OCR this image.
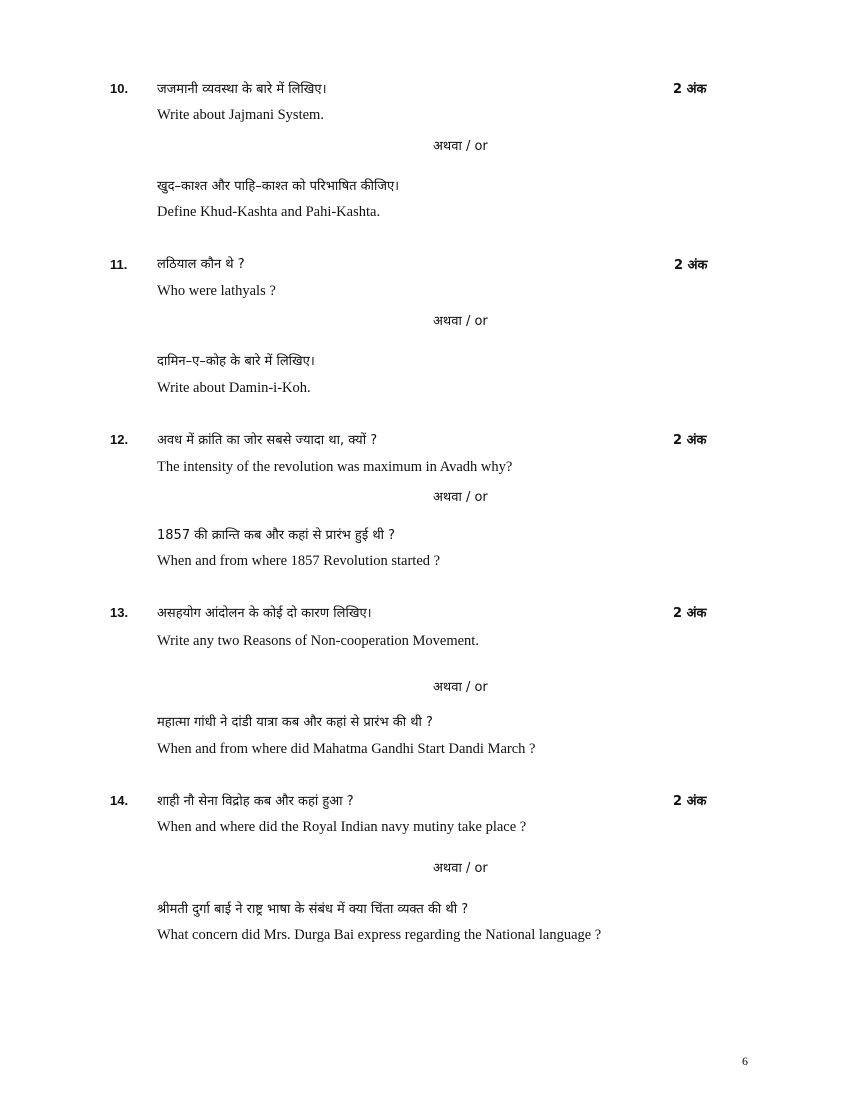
10. जजमानी व्यवस्था के बारे में लिखिए।	2 अंक
Write about Jajmani System.
अथवा / or
खुद–काश्त और पाहि–काश्त को परिभाषित कीजिए।
Define Khud-Kashta and Pahi-Kashta.
11. लठियाल कौन थे ?	2 अंक
Who were lathyals ?
अथवा / or
दामिन–ए–कोह के बारे में लिखिए।
Write about Damin-i-Koh.
12. अवध में क्रांति का जोर सबसे ज्यादा था, क्यों ?	2 अंक
The intensity of the revolution was maximum in Avadh why?
अथवा / or
1857 की क्रान्ति कब और कहां से प्रारंभ हुई थी ?
When and from where 1857 Revolution started ?
13. असहयोग आंदोलन के कोई दो कारण लिखिए।	2 अंक
Write any two Reasons of Non-cooperation Movement.
अथवा / or
महात्मा गांधी ने दांडी यात्रा कब और कहां से प्रारंभ की थी ?
When and from where did Mahatma Gandhi Start Dandi March ?
14. शाही नौ सेना विद्रोह कब और कहां हुआ ?	2 अंक
When and where did the Royal Indian navy mutiny take place ?
अथवा / or
श्रीमती दुर्गा बाई ने राष्ट्र भाषा के संबंध में क्या चिंता व्यक्त की थी ?
What concern did Mrs. Durga Bai express regarding the National language ?
6
